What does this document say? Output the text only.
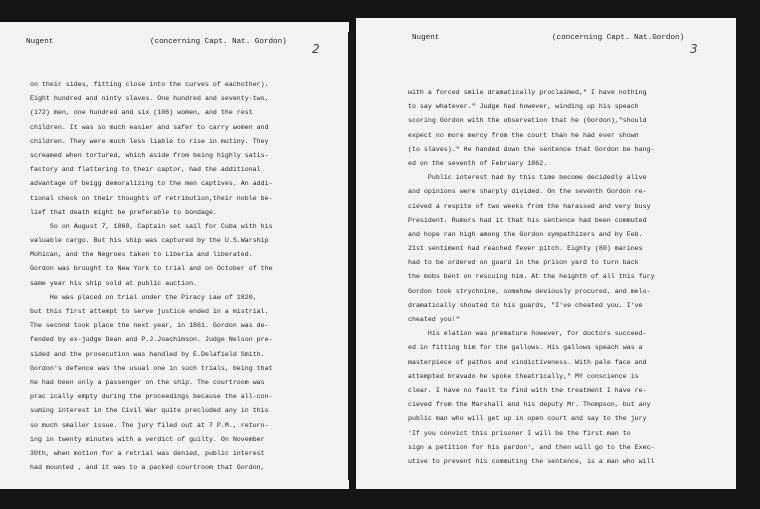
Nugent	(concerning Capt. Nat. Gordon) 2
on their sides, fitting close into the curves of eachother).
Eight hundred and ninty slaves. One hundred and seventy-two,
(172) men, one hundred and six (106) women, and the rest
children. It was so much easier and safer to carry women and
children. They were much less liable to rise in mutiny. They
screamed when tortured, which aside from being highly satis-
factory and flattering to their captor, had the additional
advantage of beigg demoralizing to the men captives. An addi-
tional check on their thoughts of retribution,their noble be-
lief that death might be preferable to bondage.
So on August 7, 1860, Captain set sail for Cuba with his
valuable cargo. But his ship was captured by the U.S.Warship
Mohican, and the Negroes taken to Liberia and liberated.
Gordon was brought to New York to trial and on October of the
same year his ship sold at public auction.
He was placed on trial under the Piracy Law of 1820,
but this first attempt to serve justice ended in a mistrial.
The second took place the next year, in 1861. Gordon was de-
fended by ex-judge Dean and P.J.Joachimson. Judge Nelson pre-
sided and the prosecution was handled by E.Delafield Smith.
Gordon's defence was the usual one in such trials, being that
he had been only a passenger on the ship. The courtroom was
prac ically empty during the proceedings because the all-con-
suming interest in the Civil War quite precluded any in this
so much smaller issue. The jury filed out at 7 P.M., return-
ing in twenty minutes with a verdict of guilty. On November
30th, when motion for a retrial was denied, public interest
had mounted , and it was to a packed courtroom that Gordon,
Nugent	(concerning Capt. Nat.Gordon)
3
with a forced smile dramatically proclaimed," I have nothing
to say whatever." Judge had however, winding up his speach
scoring Gordon with the observation that he (Gordon),"should
expect no more mercy from the court than he had ever shown
(to slaves)." He handed down the sentence that Gordon be hang-
ed on the seventh of February 1862.
Public interest had by this time become decidedly alive
and opinions were sharply divided. On the seventh Gordon re-
cieved a respite of two weeks from the harassed and very busy
President. Rumors had it that his sentence had been commuted
and hope ran high among the Gordon sympathizers and by Feb.
21st sentiment had reached fever pitch. Eighty (80) marines
had to be ordered on guard in the prison yard to turn back
the mobs bent on rescuing him. At the heighth of all this fury
Gordon took strychnine, somehow deviously procured, and melo-
dramatically shouted to his guards, "I've cheated you. I've
cheated you!"
His elation was premature however, for doctors succeed-
ed in fitting him for the gallows. His gallows speach was a
masterpiece of pathos and vindictiveness. With pale face and
attempted bravado he spoke theatrically," MY conscience is
clear. I have no fault to find with the treatment I have re-
cieved from the Marshall and his deputy Mr. Thompson, but any
public man who will get up in open court and say to the jury
'If you convict this prisoner I will be the first man to
sign a petition for his pardon', and then will go to the Exec-
utive to prevent his commuting the sentence, is a man who will
